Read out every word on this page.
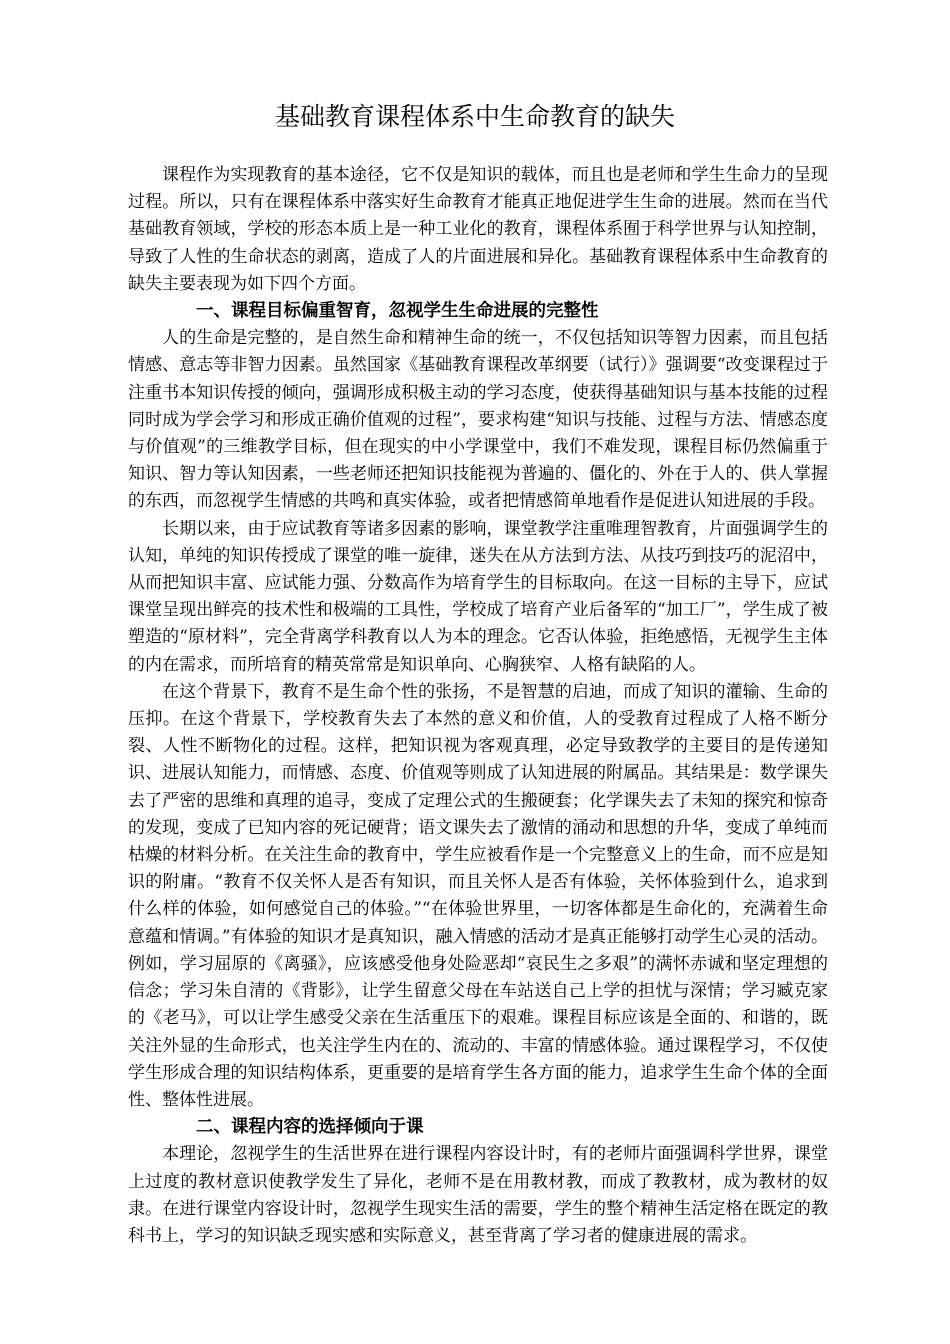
基础教育课程体系中生命教育的缺失

课程作为实现教育的基本途径，它不仅是知识的载体，而且也是老师和学生生命力的呈现过程。所以，只有在课程体系中落实好生命教育才能真正地促进学生生命的进展。然而在当代基础教育领域，学校的形态本质上是一种工业化的教育，课程体系囿于科学世界与认知控制，导致了人性的生命状态的剥离，造成了人的片面进展和异化。基础教育课程体系中生命教育的缺失主要表现为如下四个方面。

一、课程目标偏重智育，忽视学生生命进展的完整性

人的生命是完整的，是自然生命和精神生命的统一，不仅包括知识等智力因素，而且包括情感、意志等非智力因素。虽然国家《基础教育课程改革纲要（试行）》强调要“改变课程过于注重书本知识传授的倾向，强调形成积极主动的学习态度，使获得基础知识与基本技能的过程同时成为学会学习和形成正确价值观的过程”，要求构建“知识与技能、过程与方法、情感态度与价值观”的三维教学目标，但在现实的中小学课堂中，我们不难发现，课程目标仍然偏重于知识、智力等认知因素，一些老师还把知识技能视为普遍的、僵化的、外在于人的、供人掌握的东西，而忽视学生情感的共鸣和真实体验，或者把情感简单地看作是促进认知进展的手段。

长期以来，由于应试教育等诸多因素的影响，课堂教学注重唯理智教育，片面强调学生的认知，单纯的知识传授成了课堂的唯一旋律，迷失在从方法到方法、从技巧到技巧的泥沼中，从而把知识丰富、应试能力强、分数高作为培育学生的目标取向。在这一目标的主导下，应试课堂呈现出鲜亮的技术性和极端的工具性，学校成了培育产业后备军的“加工厂”，学生成了被塑造的“原材料”，完全背离学科教育以人为本的理念。它否认体验，拒绝感悟，无视学生主体的内在需求，而所培育的精英常常是知识单向、心胸狭窄、人格有缺陷的人。

在这个背景下，教育不是生命个性的张扬，不是智慧的启迪，而成了知识的灌输、生命的压抑。在这个背景下，学校教育失去了本然的意义和价值，人的受教育过程成了人格不断分裂、人性不断物化的过程。这样，把知识视为客观真理，必定导致教学的主要目的是传递知识、进展认知能力，而情感、态度、价值观等则成了认知进展的附属品。其结果是：数学课失去了严密的思维和真理的追寻，变成了定理公式的生搬硬套；化学课失去了未知的探究和惊奇的发现，变成了已知内容的死记硬背；语文课失去了激情的涌动和思想的升华，变成了单纯而枯燥的材料分析。在关注生命的教育中，学生应被看作是一个完整意义上的生命，而不应是知识的附庸。“教育不仅关怀人是否有知识，而且关怀人是否有体验，关怀体验到什么，追求到什么样的体验，如何感觉自己的体验。”“在体验世界里，一切客体都是生命化的，充满着生命意蕴和情调。”有体验的知识才是真知识，融入情感的活动才是真正能够打动学生心灵的活动。例如，学习屈原的《离骚》，应该感受他身处险恶却“哀民生之多艰”的满怀赤诚和坚定理想的信念；学习朱自清的《背影》，让学生留意父母在车站送自己上学的担忧与深情；学习臧克家的《老马》，可以让学生感受父亲在生活重压下的艰难。课程目标应该是全面的、和谐的，既关注外显的生命形式，也关注学生内在的、流动的、丰富的情感体验。通过课程学习，不仅使学生形成合理的知识结构体系，更重要的是培育学生各方面的能力，追求学生生命个体的全面性、整体性进展。

二、课程内容的选择倾向于课

本理论，忽视学生的生活世界在进行课程内容设计时，有的老师片面强调科学世界，课堂上过度的教材意识使教学发生了异化，老师不是在用教材教，而成了教教材，成为教材的奴隶。在进行课堂内容设计时，忽视学生现实生活的需要，学生的整个精神生活定格在既定的教科书上，学习的知识缺乏现实感和实际意义，甚至背离了学习者的健康进展的需求。
